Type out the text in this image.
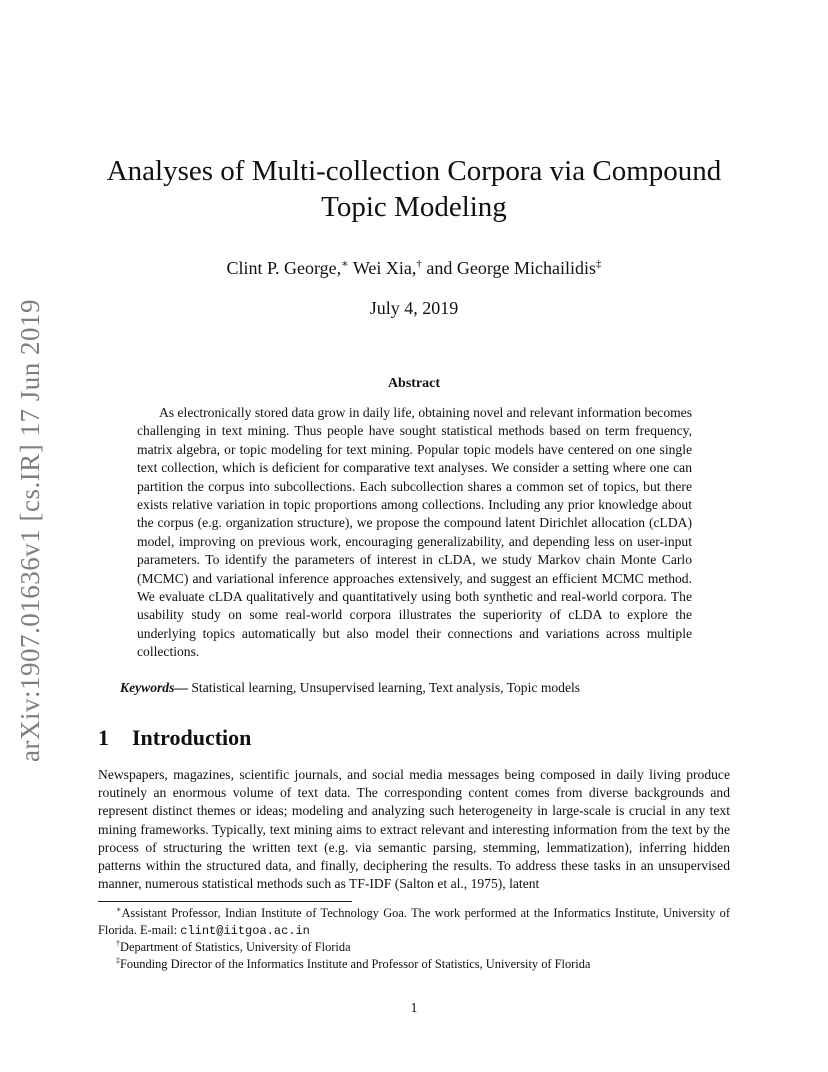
arXiv:1907.01636v1 [cs.IR] 17 Jun 2019
Analyses of Multi-collection Corpora via Compound
Topic Modeling
Clint P. George,∗ Wei Xia,† and George Michailidis‡
July 4, 2019
Abstract

As electronically stored data grow in daily life, obtaining novel and relevant information becomes challenging in text mining. Thus people have sought statistical methods based on term frequency, matrix algebra, or topic modeling for text mining. Popular topic models have centered on one single text collection, which is deficient for comparative text analyses. We consider a setting where one can partition the corpus into subcollections. Each subcollection shares a common set of topics, but there exists relative variation in topic proportions among collections. Including any prior knowledge about the corpus (e.g. organization structure), we propose the compound latent Dirichlet allocation (cLDA) model, improving on previous work, encouraging generalizability, and depending less on user-input parameters. To identify the parameters of interest in cLDA, we study Markov chain Monte Carlo (MCMC) and variational inference approaches extensively, and suggest an efficient MCMC method. We evaluate cLDA qualitatively and quantitatively using both synthetic and real-world corpora. The usability study on some real-world corpora illustrates the superiority of cLDA to explore the underlying topics automatically but also model their connections and variations across multiple collections.

Keywords— Statistical learning, Unsupervised learning, Text analysis, Topic models

1 Introduction

Newspapers, magazines, scientific journals, and social media messages being composed in daily living produce routinely an enormous volume of text data. The corresponding content comes from diverse backgrounds and represent distinct themes or ideas; modeling and analyzing such heterogeneity in large-scale is crucial in any text mining frameworks. Typically, text mining aims to extract relevant and interesting information from the text by the process of structuring the written text (e.g. via semantic parsing, stemming, lemmatization), inferring hidden patterns within the structured data, and finally, deciphering the results. To address these tasks in an unsupervised manner, numerous statistical methods such as TF-IDF (Salton et al., 1975), latent

∗Assistant Professor, Indian Institute of Technology Goa. The work performed at the Informatics Institute, University of Florida. E-mail: clint@iitgoa.ac.in

†Department of Statistics, University of Florida

‡Founding Director of the Informatics Institute and Professor of Statistics, University of Florida

1
